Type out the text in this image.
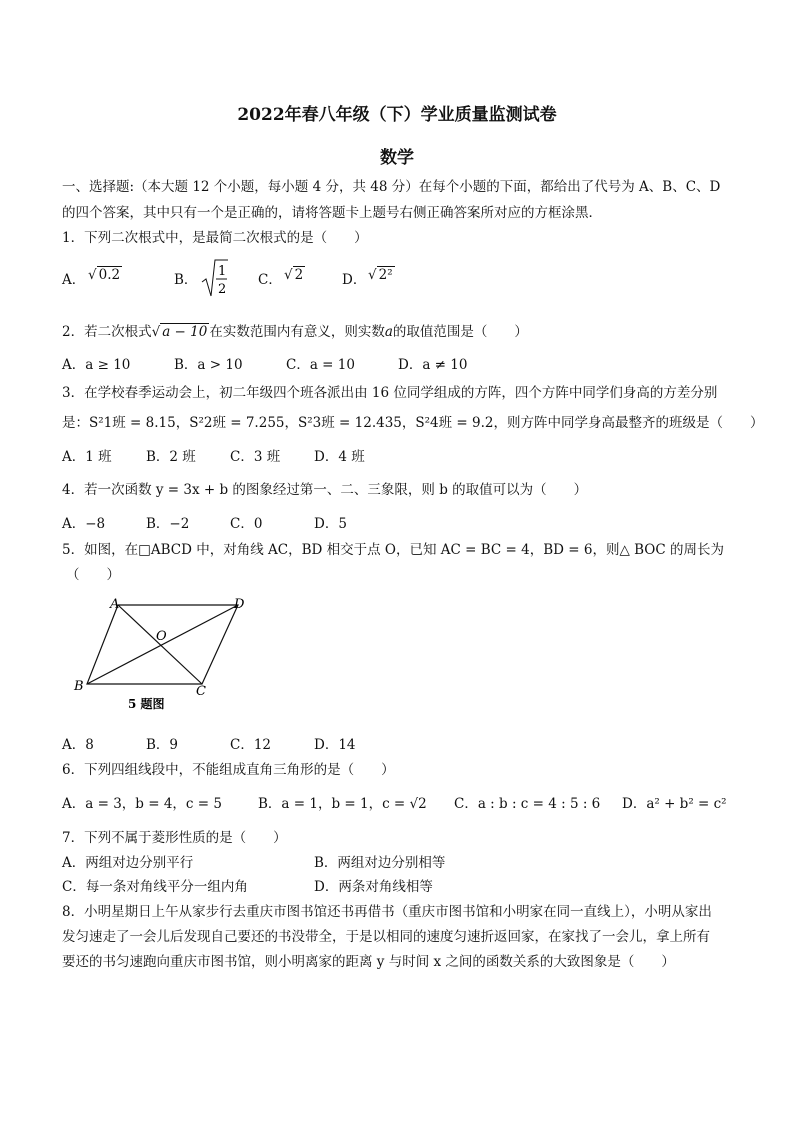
2022年春八年级（下）学业质量监测试卷
数学
一、选择题:（本大题 12 个小题，每小题 4 分，共 48 分）在每个小题的下面，都给出了代号为 A、B、C、D
的四个答案，其中只有一个是正确的，请将答题卡上题号右侧正确答案所对应的方框涂黑．
1．下列二次根式中，是最简二次根式的是（　　）
A． √ 0.2	B．
1
2
C． √ 2	D． √ 2²
2．若二次根式√ a − 10 在实数范围内有意义，则实数a的取值范围是（　　）
A．a ≥ 10	B．a > 10	C．a = 10	D．a ≠ 10
3．在学校春季运动会上，初二年级四个班各派出由 16 位同学组成的方阵，四个方阵中同学们身高的方差分别
是：S²1班 = 8.15，S²2班 = 7.255，S²3班 = 12.435，S²4班 = 9.2，则方阵中同学身高最整齐的班级是（　　）
A．1 班	B．2 班	C．3 班	D．4 班
4．若一次函数 y = 3x + b 的图象经过第一、二、三象限，则 b 的取值可以为（　　）
A．−8	B．−2	C．0	D．5
5．如图，在□ABCD 中，对角线 AC，BD 相交于点 O，已知 AC = BC = 4，BD = 6，则△ BOC 的周长为
（　　）
A	D
O
B	C
5 题图
A．8	B．9	C．12	D．14
6．下列四组线段中，不能组成直角三角形的是（　　）
A．a = 3，b = 4，c = 5	B．a = 1，b = 1，c = √2 C．a : b : c = 4 : 5 : 6 D．a² + b² = c²
7．下列不属于菱形性质的是（　　）
A．两组对边分别平行	B．两组对边分别相等
C．每一条对角线平分一组内角	D．两条对角线相等
8．小明星期日上午从家步行去重庆市图书馆还书再借书（重庆市图书馆和小明家在同一直线上），小明从家出
发匀速走了一会儿后发现自己要还的书没带全，于是以相同的速度匀速折返回家，在家找了一会儿，拿上所有
要还的书匀速跑向重庆市图书馆，则小明离家的距离 y 与时间 x 之间的函数关系的大致图象是（　　）
